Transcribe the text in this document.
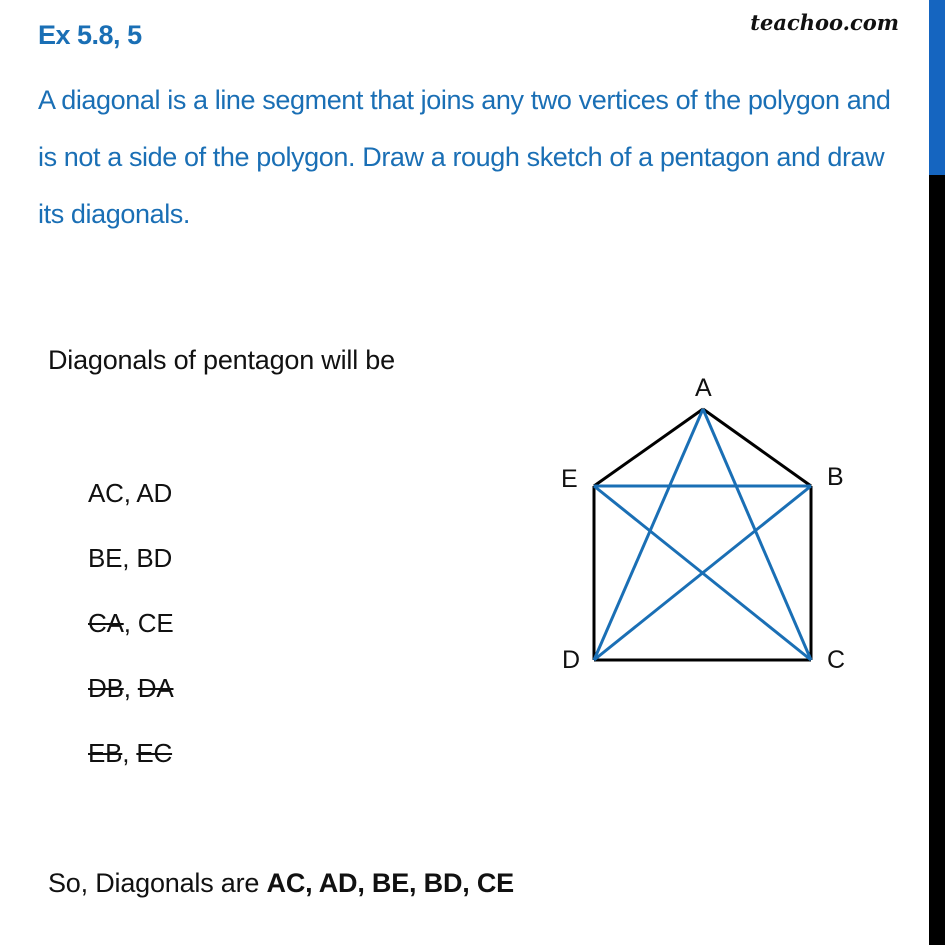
Ex 5.8, 5	teachoo.com
A diagonal is a line segment that joins any two vertices of the polygon and is not a side of the polygon. Draw a rough sketch of a pentagon and draw its diagonals.
Diagonals of pentagon will be
AC, AD
BE, BD
CA, CE
DB, DA
EB, EC
So, Diagonals are AC, AD, BE, BD, CE
A
B
C
D
E
